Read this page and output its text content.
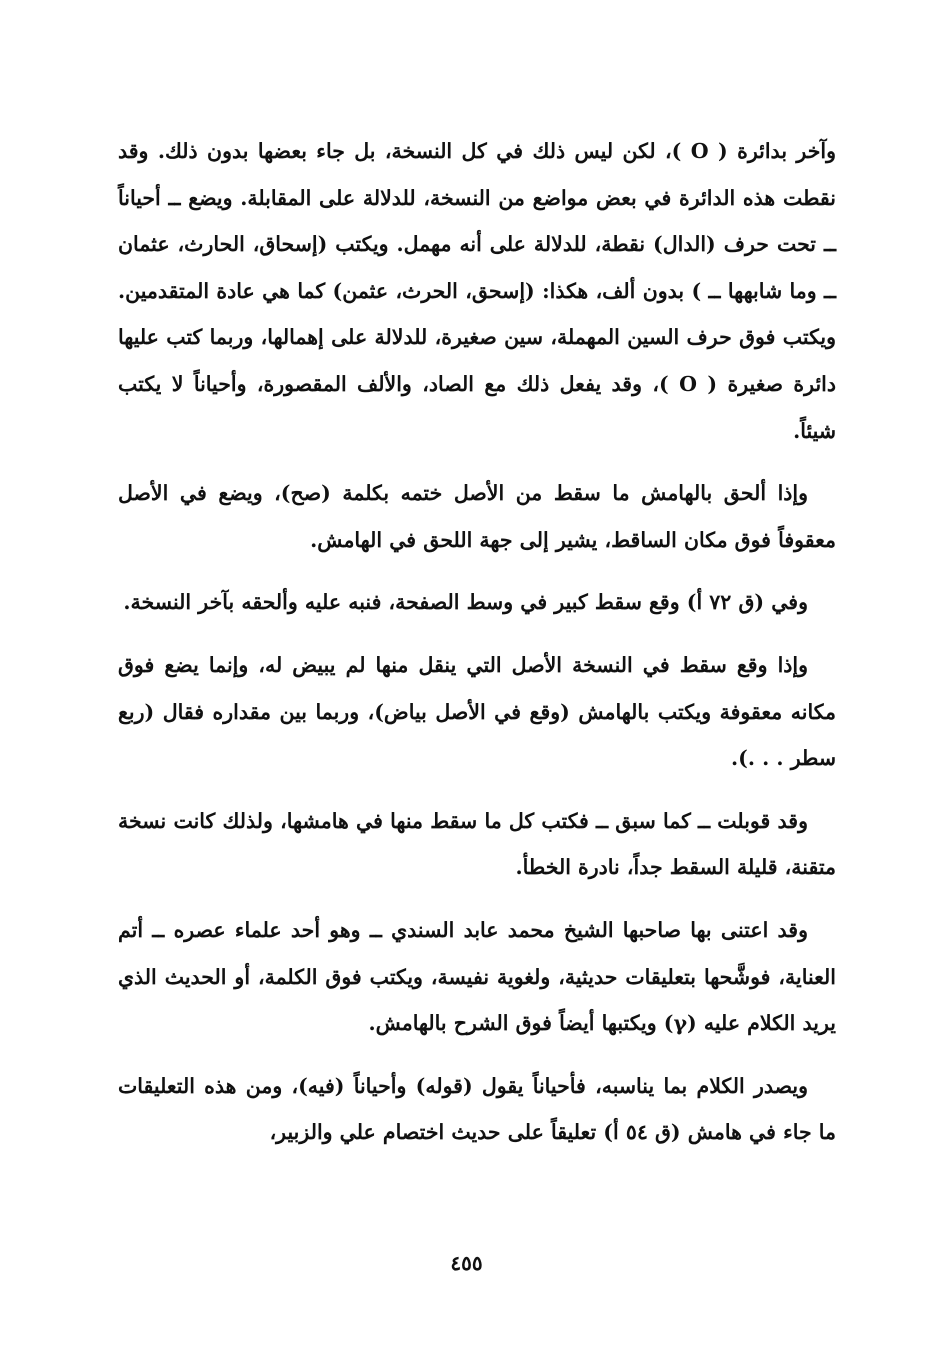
وآخر بدائرة ( O )، لكن ليس ذلك في كل النسخة، بل جاء بعضها بدون ذلك. وقد نقطت هذه الدائرة في بعض مواضع من النسخة، للدلالة على المقابلة. ويضع ــ أحياناً ــ تحت حرف (الدال) نقطة، للدلالة على أنه مهمل. ويكتب (إسحاق، الحارث، عثمان ــ وما شابهها ــ ) بدون ألف، هكذا: (إسحق، الحرث، عثمن) كما هي عادة المتقدمين. ويكتب فوق حرف السين المهملة، سين صغيرة، للدلالة على إهمالها، وربما كتب عليها دائرة صغيرة ( O )، وقد يفعل ذلك مع الصاد، والألف المقصورة، وأحياناً لا يكتب شيئاً.

وإذا ألحق بالهامش ما سقط من الأصل ختمه بكلمة (صح)، ويضع في الأصل معقوفاً فوق مكان الساقط، يشير إلى جهة اللحق في الهامش.

وفي (ق ٧٢ أ) وقع سقط كبير في وسط الصفحة، فنبه عليه وألحقه بآخر النسخة.

وإذا وقع سقط في النسخة الأصل التي ينقل منها لم يبيض له، وإنما يضع فوق مكانه معقوفة ويكتب بالهامش (وقع في الأصل بياض)، وربما بين مقداره فقال (ربع سطر . . .).

وقد قوبلت ــ كما سبق ــ فكتب كل ما سقط منها في هامشها، ولذلك كانت نسخة متقنة، قليلة السقط جداً، نادرة الخطأ.

وقد اعتنى بها صاحبها الشيخ محمد عابد السندي ــ وهو أحد علماء عصره ــ أتم العناية، فوشَّحها بتعليقات حديثية، ولغوية نفيسة، ويكتب فوق الكلمة، أو الحديث الذي يريد الكلام عليه (γ) ويكتبها أيضاً فوق الشرح بالهامش.

ويصدر الكلام بما يناسبه، فأحياناً يقول (قوله) وأحياناً (فيه)، ومن هذه التعليقات ما جاء في هامش (ق ٥٤ أ) تعليقاً على حديث اختصام علي والزبير،

٤٥٥
